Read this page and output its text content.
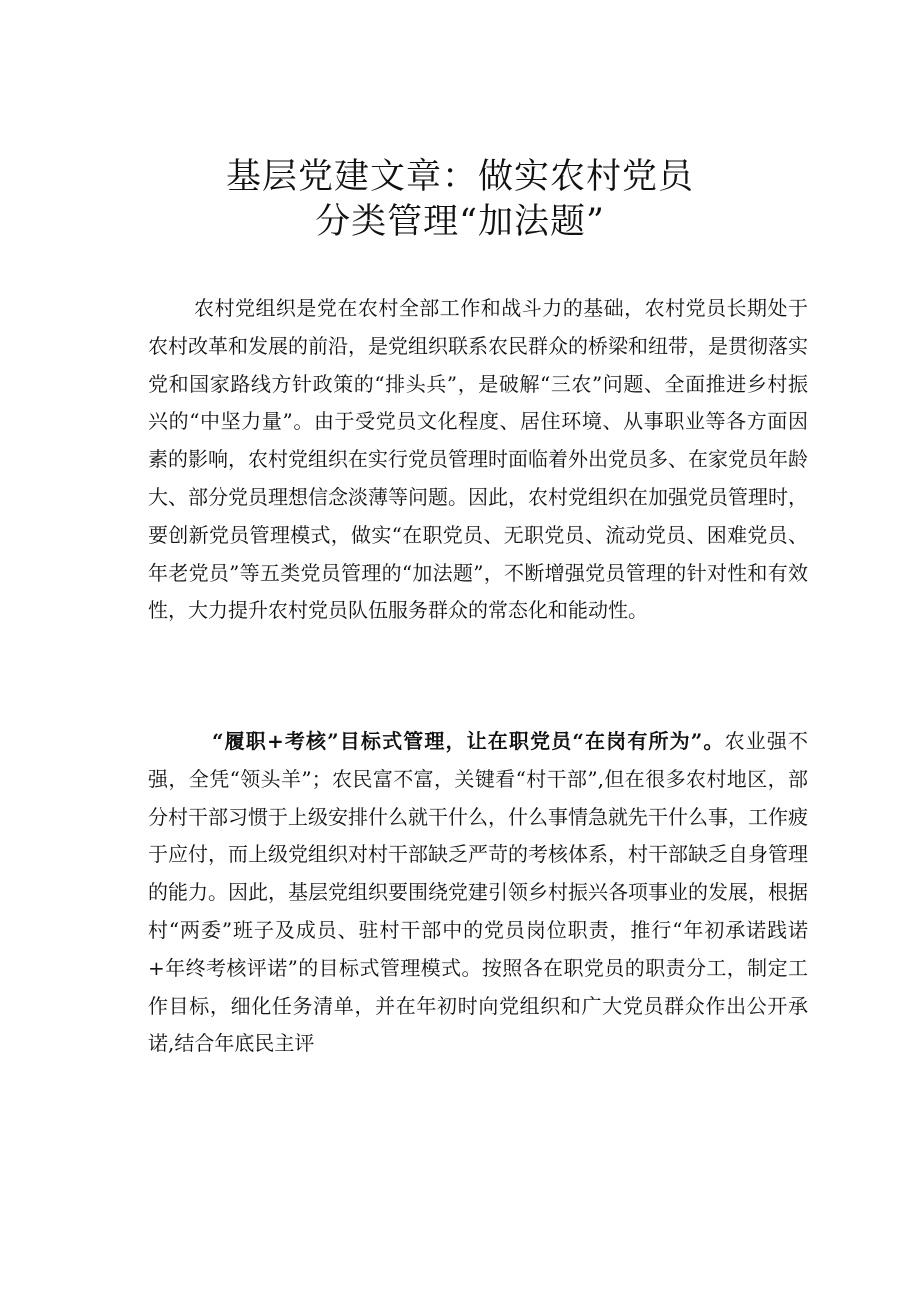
基层党建文章：做实农村党员
分类管理“加法题”

农村党组织是党在农村全部工作和战斗力的基础，农村党员长期处于农村改革和发展的前沿，是党组织联系农民群众的桥梁和纽带，是贯彻落实党和国家路线方针政策的“排头兵”，是破解“三农”问题、全面推进乡村振兴的“中坚力量”。由于受党员文化程度、居住环境、从事职业等各方面因素的影响，农村党组织在实行党员管理时面临着外出党员多、在家党员年龄大、部分党员理想信念淡薄等问题。因此，农村党组织在加强党员管理时，要创新党员管理模式，做实“在职党员、无职党员、流动党员、困难党员、年老党员”等五类党员管理的“加法题”，不断增强党员管理的针对性和有效性，大力提升农村党员队伍服务群众的常态化和能动性。

“履职+考核”目标式管理，让在职党员“在岗有所为”。农业强不强，全凭“领头羊”；农民富不富，关键看“村干部”,但在很多农村地区，部分村干部习惯于上级安排什么就干什么，什么事情急就先干什么事，工作疲于应付，而上级党组织对村干部缺乏严苛的考核体系，村干部缺乏自身管理的能力。因此，基层党组织要围绕党建引领乡村振兴各项事业的发展，根据村“两委”班子及成员、驻村干部中的党员岗位职责，推行“年初承诺践诺+年终考核评诺”的目标式管理模式。按照各在职党员的职责分工，制定工作目标，细化任务清单，并在年初时向党组织和广大党员群众作出公开承诺,结合年底民主评
